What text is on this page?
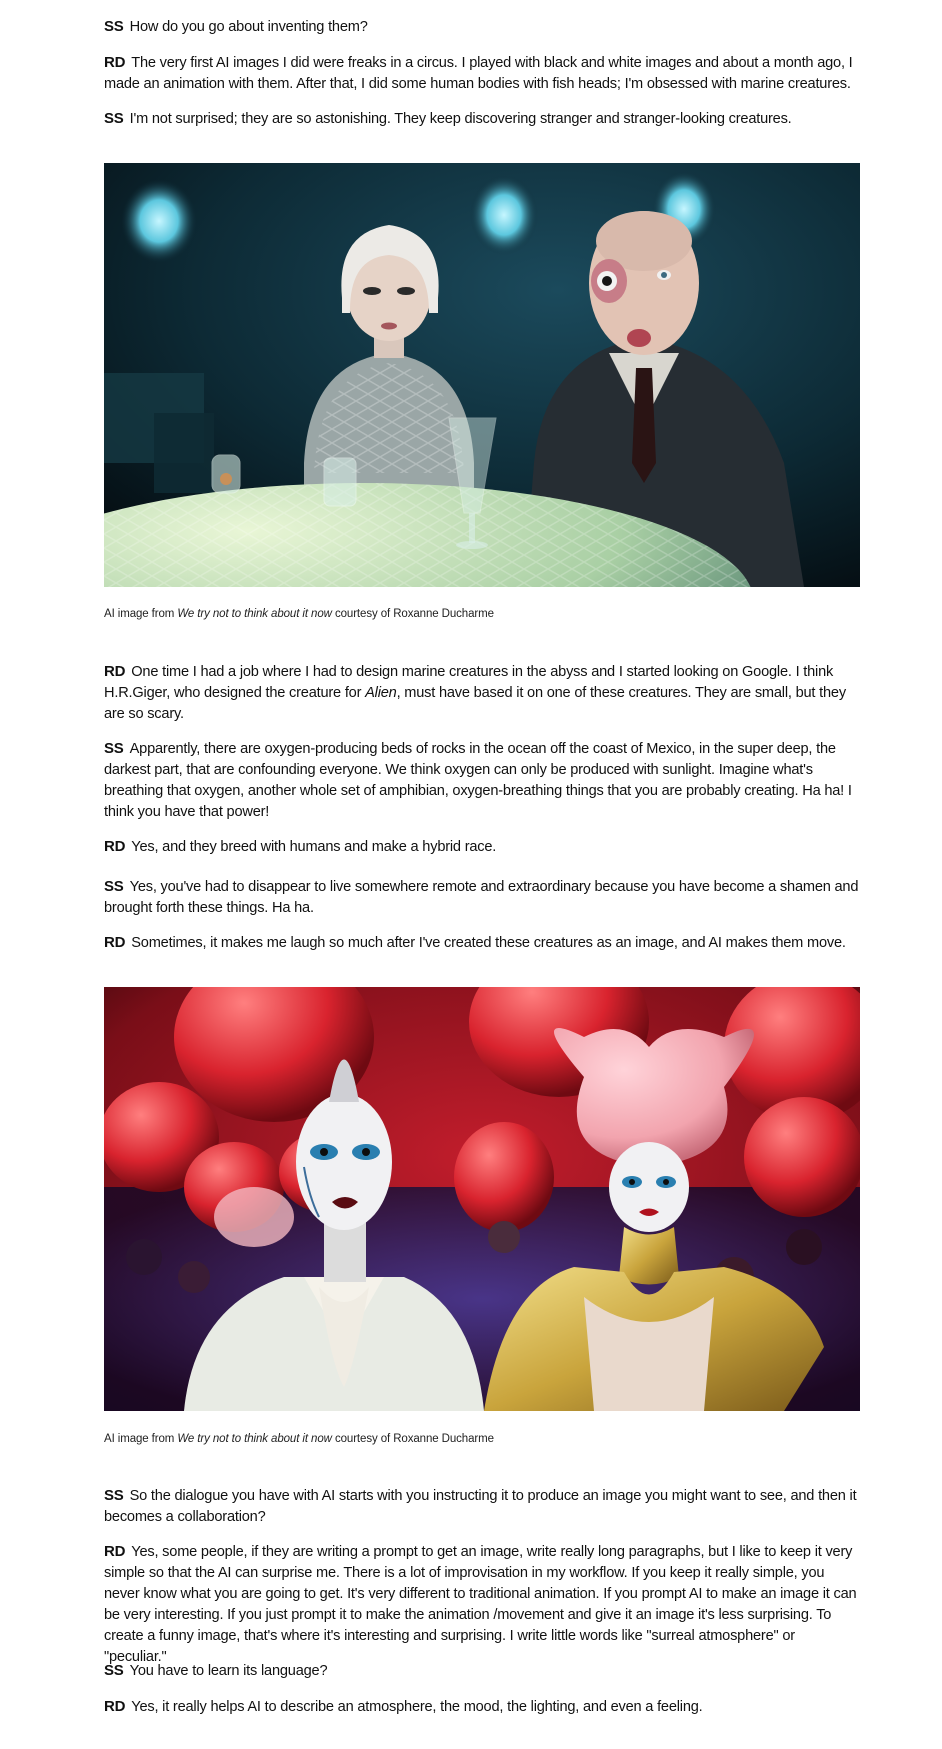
SS How do you go about inventing them?

RD The very first AI images I did were freaks in a circus. I played with black and white images and about a month ago, I made an animation with them. After that, I did some human bodies with fish heads; I'm obsessed with marine creatures.

SS I'm not surprised; they are so astonishing. They keep discovering stranger and stranger-looking creatures.

AI image from We try not to think about it now courtesy of Roxanne Ducharme

RD One time I had a job where I had to design marine creatures in the abyss and I started looking on Google. I think H.R.Giger, who designed the creature for Alien, must have based it on one of these creatures. They are small, but they are so scary.

SS Apparently, there are oxygen-producing beds of rocks in the ocean off the coast of Mexico, in the super deep, the darkest part, that are confounding everyone. We think oxygen can only be produced with sunlight. Imagine what's breathing that oxygen, another whole set of amphibian, oxygen-breathing things that you are probably creating. Ha ha! I think you have that power!

RD Yes, and they breed with humans and make a hybrid race.

SS Yes, you've had to disappear to live somewhere remote and extraordinary because you have become a shamen and brought forth these things. Ha ha.

RD Sometimes, it makes me laugh so much after I've created these creatures as an image, and AI makes them move.

AI image from We try not to think about it now courtesy of Roxanne Ducharme

SS So the dialogue you have with AI starts with you instructing it to produce an image you might want to see, and then it becomes a collaboration?

RD Yes, some people, if they are writing a prompt to get an image, write really long paragraphs, but I like to keep it very simple so that the AI can surprise me. There is a lot of improvisation in my workflow. If you keep it really simple, you never know what you are going to get. It's very different to traditional animation. If you prompt AI to make an image it can be very interesting. If you just prompt it to make the animation /movement and give it an image it's less surprising. To create a funny image, that's where it's interesting and surprising. I write little words like "surreal atmosphere" or "peculiar."

SS You have to learn its language?

RD Yes, it really helps AI to describe an atmosphere, the mood, the lighting, and even a feeling.
